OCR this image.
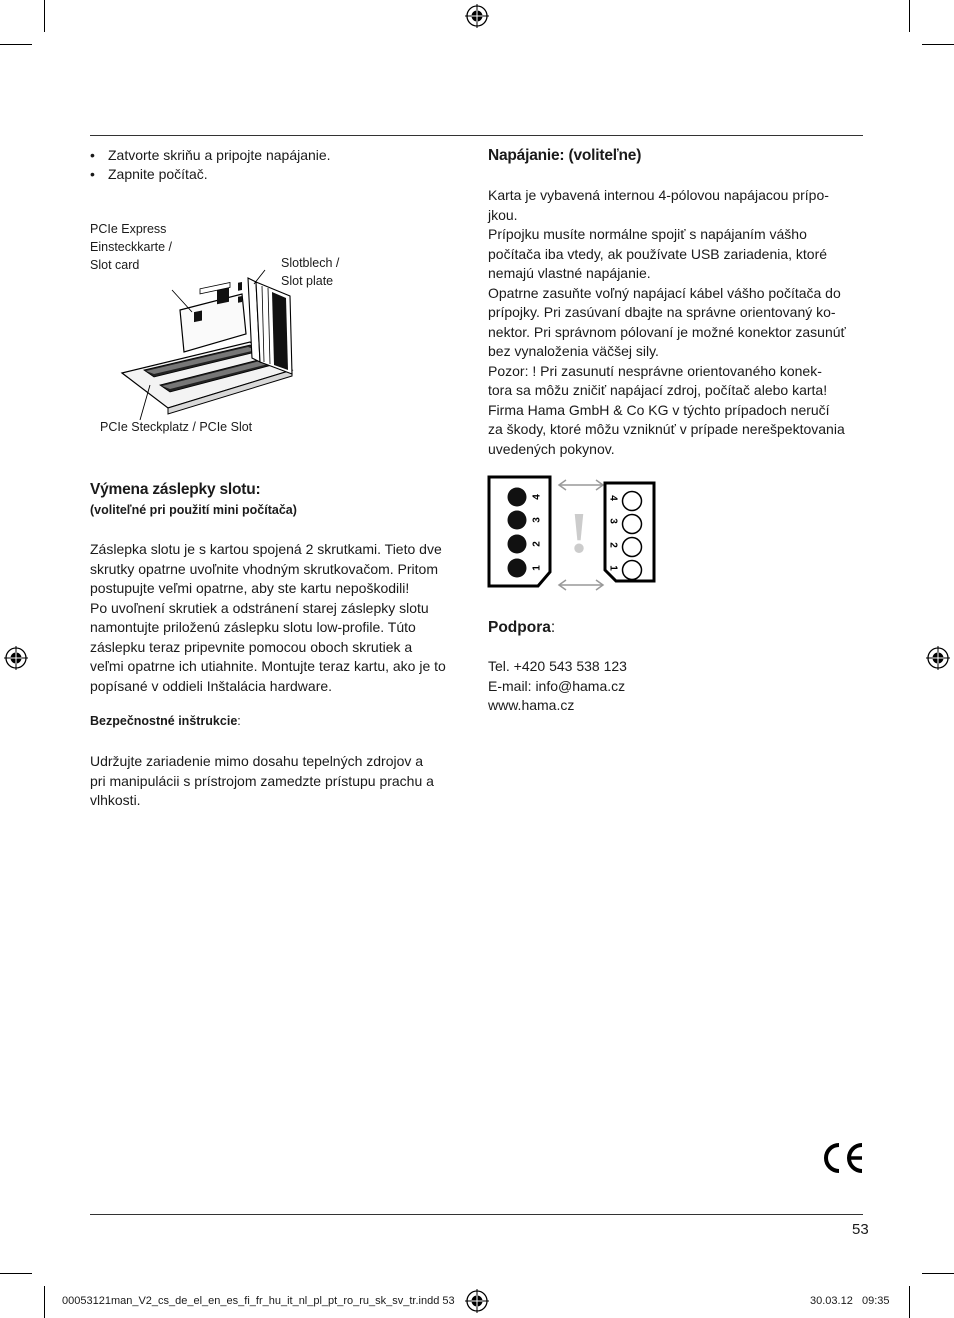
• Zatvorte skriňu a pripojte napájanie.
• Zapnite počítač.
PCIe Express
Einsteckkarte /
Slot card	Slotblech /
Slot plate
PCIe Steckplatz / PCIe Slot
Výmena záslepky slotu:
(voliteľné pri použití mini počítača)

Záslepka slotu je s kartou spojená 2 skrutkami. Tieto dve

skrutky opatrne uvoľnite vhodným skrutkovačom. Pritom

postupujte veľmi opatrne, aby ste kartu nepoškodili!

Po uvoľnení skrutiek a odstránení starej záslepky slotu

namontujte priloženú záslepku slotu low-profile. Túto

záslepku teraz pripevnite pomocou oboch skrutiek a

veľmi opatrne ich utiahnite. Montujte teraz kartu, ako je to

popísané v oddieli Inštalácia hardware.

Bezpečnostné inštrukcie:

Udržujte zariadenie mimo dosahu tepelných zdrojov a

pri manipulácii s prístrojom zamedzte prístupu prachu a

vlhkosti.

Napájanie: (voliteľne)

Karta je vybavená internou 4-pólovou napájacou prípo-

jkou.

Prípojku musíte normálne spojiť s napájaním vášho

počítača iba vtedy, ak používate USB zariadenia, ktoré

nemajú vlastné napájanie.

Opatrne zasuňte voľný napájací kábel vášho počítača do

prípojky. Pri zasúvaní dbajte na správne orientovaný ko-

nektor. Pri správnom pólovaní je možné konektor zasunúť

bez vynaloženia väčšej sily.

Pozor: ! Pri zasunutí nesprávne orientovaného konek-

tora sa môžu zničiť napájací zdroj, počítač alebo karta!

Firma Hama GmbH & Co KG v týchto prípadoch neručí

za škody, ktoré môžu vzniknúť v prípade nerešpektovania

uvedených pokynov.

1
2
3
4
!
4
3
2
1
Podpora:

Tel. +420 543 538 123

E-mail: info@hama.cz

www.hama.cz

53
00053121man_V2_cs_de_el_en_es_fi_fr_hu_it_nl_pl_pt_ro_ru_sk_sv_tr.indd 53	30.03.12   09:35
